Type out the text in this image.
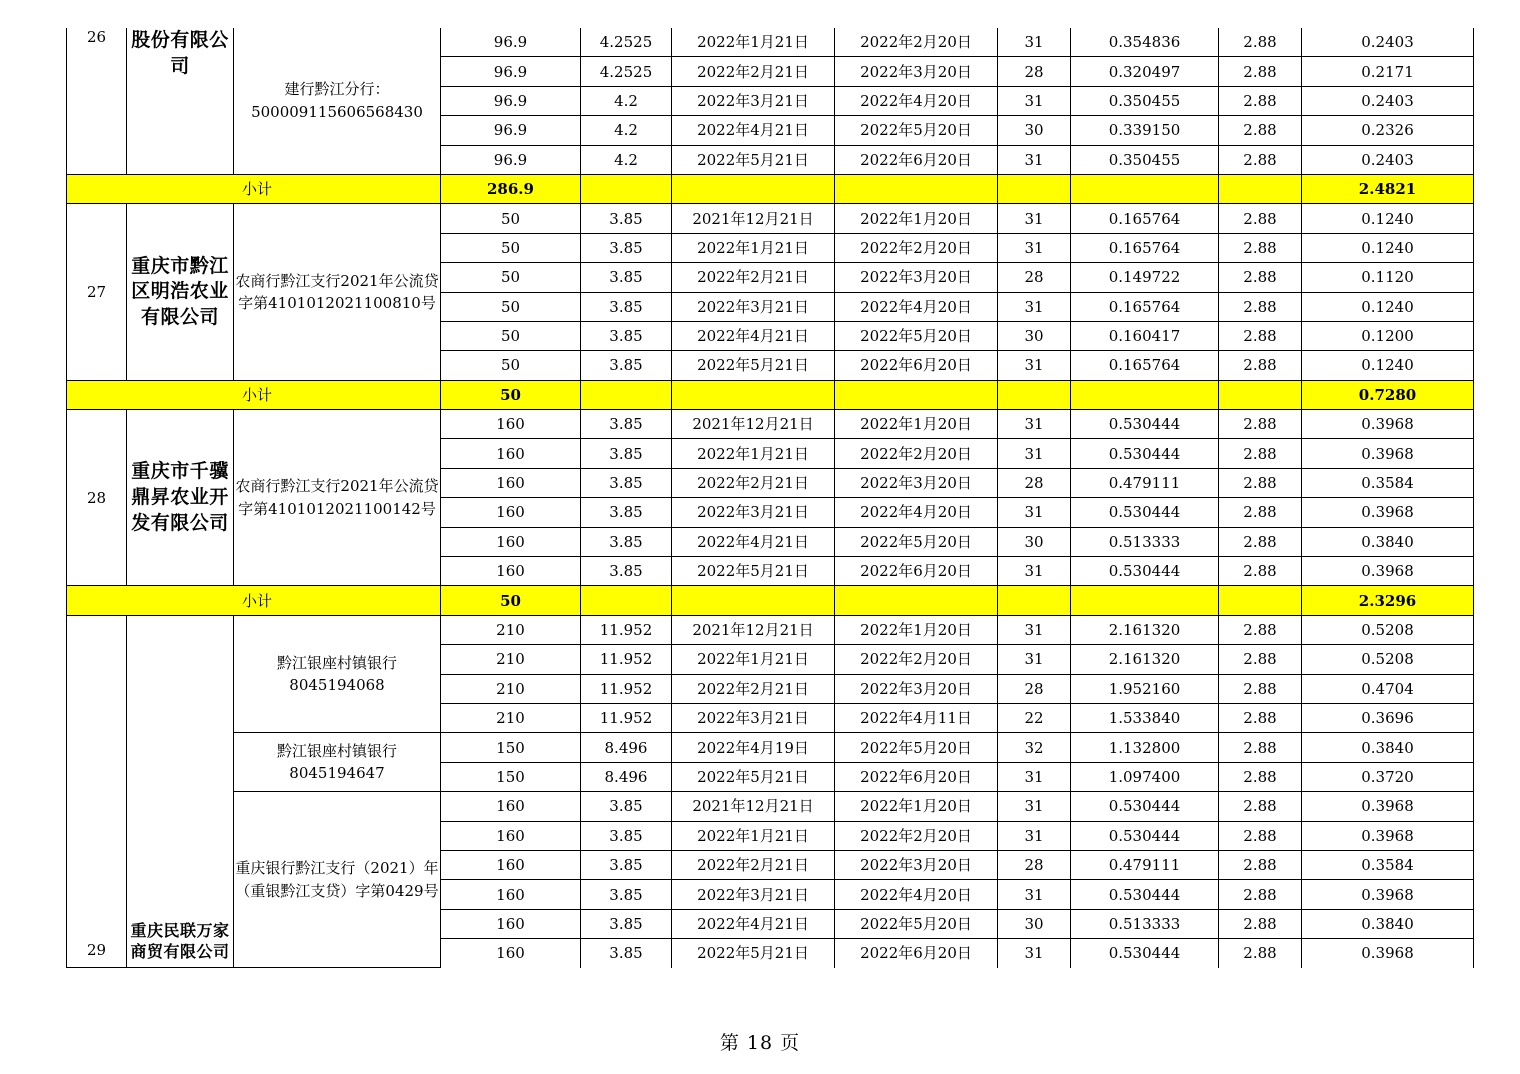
26	股份有限公司	建行黔江分行：500009115606568430	96.9	4.2525	2022年1月21日	2022年2月20日	31	0.354836	2.88	0.2403
			96.9	4.2525	2022年2月21日	2022年3月20日	28	0.320497	2.88	0.2171
			96.9	4.2	2022年3月21日	2022年4月20日	31	0.350455	2.88	0.2403
			96.9	4.2	2022年4月21日	2022年5月20日	30	0.339150	2.88	0.2326
			96.9	4.2	2022年5月21日	2022年6月20日	31	0.350455	2.88	0.2403
小计			286.9							2.4821
27	重庆市黔江区明浩农业有限公司	农商行黔江支行2021年公流贷字第4101012021100810号	50	3.85	2021年12月21日	2022年1月20日	31	0.165764	2.88	0.1240
			50	3.85	2022年1月21日	2022年2月20日	31	0.165764	2.88	0.1240
			50	3.85	2022年2月21日	2022年3月20日	28	0.149722	2.88	0.1120
			50	3.85	2022年3月21日	2022年4月20日	31	0.165764	2.88	0.1240
			50	3.85	2022年4月21日	2022年5月20日	30	0.160417	2.88	0.1200
			50	3.85	2022年5月21日	2022年6月20日	31	0.165764	2.88	0.1240
小计			50							0.7280
28	重庆市千骥鼎昇农业开发有限公司	农商行黔江支行2021年公流贷字第4101012021100142号	160	3.85	2021年12月21日	2022年1月20日	31	0.530444	2.88	0.3968
			160	3.85	2022年1月21日	2022年2月20日	31	0.530444	2.88	0.3968
			160	3.85	2022年2月21日	2022年3月20日	28	0.479111	2.88	0.3584
			160	3.85	2022年3月21日	2022年4月20日	31	0.530444	2.88	0.3968
			160	3.85	2022年4月21日	2022年5月20日	30	0.513333	2.88	0.3840
			160	3.85	2022年5月21日	2022年6月20日	31	0.530444	2.88	0.3968
小计			50							2.3296
29	重庆民联万家商贸有限公司	黔江银座村镇银行8045194068	210	11.952	2021年12月21日	2022年1月20日	31	2.161320	2.88	0.5208
			210	11.952	2022年1月21日	2022年2月20日	31	2.161320	2.88	0.5208
			210	11.952	2022年2月21日	2022年3月20日	28	1.952160	2.88	0.4704
			210	11.952	2022年3月21日	2022年4月11日	22	1.533840	2.88	0.3696
		黔江银座村镇银行8045194647	150	8.496	2022年4月19日	2022年5月20日	32	1.132800	2.88	0.3840
			150	8.496	2022年5月21日	2022年6月20日	31	1.097400	2.88	0.3720
		重庆银行黔江支行（2021）年（重银黔江支贷）字第0429号	160	3.85	2021年12月21日	2022年1月20日	31	0.530444	2.88	0.3968
			160	3.85	2022年1月21日	2022年2月20日	31	0.530444	2.88	0.3968
			160	3.85	2022年2月21日	2022年3月20日	28	0.479111	2.88	0.3584
			160	3.85	2022年3月21日	2022年4月20日	31	0.530444	2.88	0.3968
			160	3.85	2022年4月21日	2022年5月20日	30	0.513333	2.88	0.3840
			160	3.85	2022年5月21日	2022年6月20日	31	0.530444	2.88	0.3968
第 18 页
